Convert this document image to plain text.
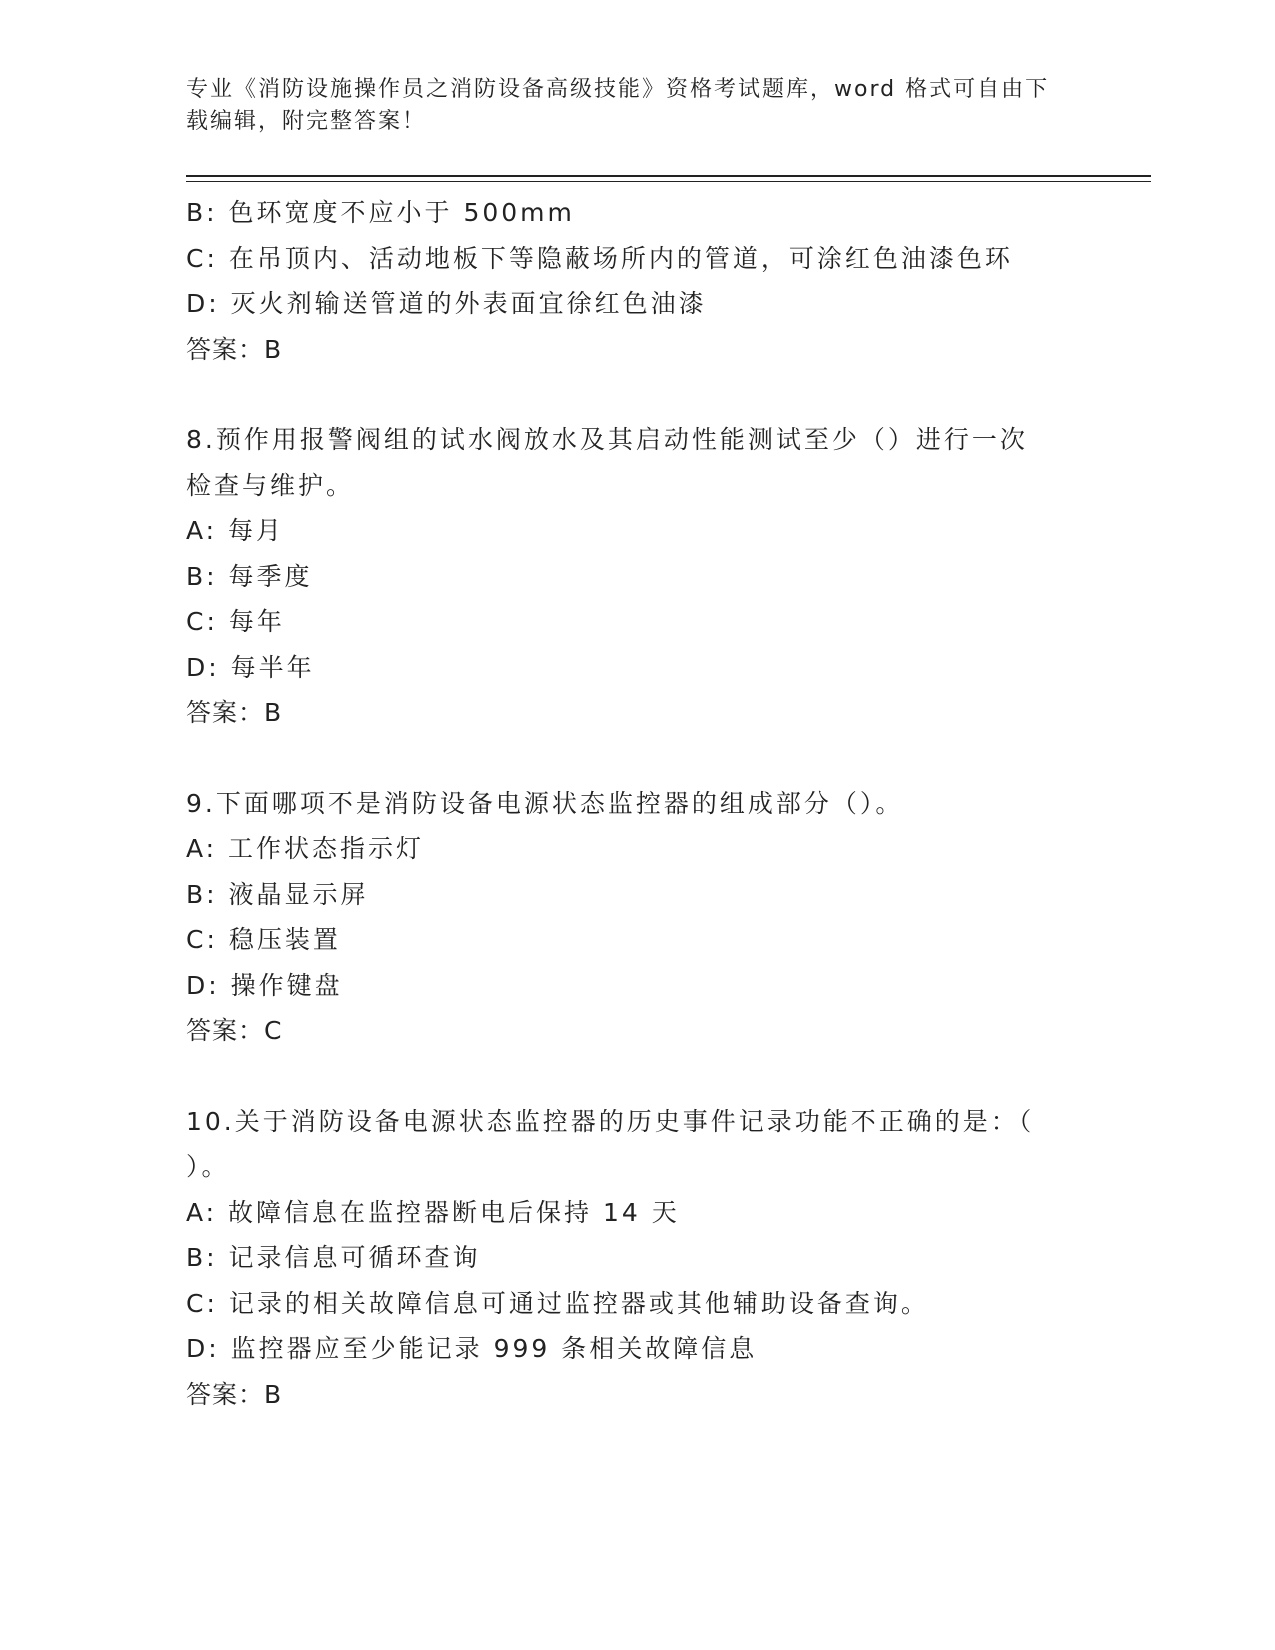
专业《消防设施操作员之消防设备高级技能》资格考试题库，word 格式可自由下载编辑，附完整答案！
B: 色环宽度不应小于 500mm
C: 在吊顶内、活动地板下等隐蔽场所内的管道，可涂红色油漆色环
D: 灭火剂输送管道的外表面宜徐红色油漆
答案：B
8.预作用报警阀组的试水阀放水及其启动性能测试至少（）进行一次
检查与维护。
A: 每月
B: 每季度
C: 每年
D: 每半年
答案：B
9.下面哪项不是消防设备电源状态监控器的组成部分（）。
A: 工作状态指示灯
B: 液晶显示屏
C: 稳压装置
D: 操作键盘
答案：C
10.关于消防设备电源状态监控器的历史事件记录功能不正确的是：（
）。
A: 故障信息在监控器断电后保持 14 天
B: 记录信息可循环查询
C: 记录的相关故障信息可通过监控器或其他辅助设备查询。
D: 监控器应至少能记录 999 条相关故障信息
答案：B
